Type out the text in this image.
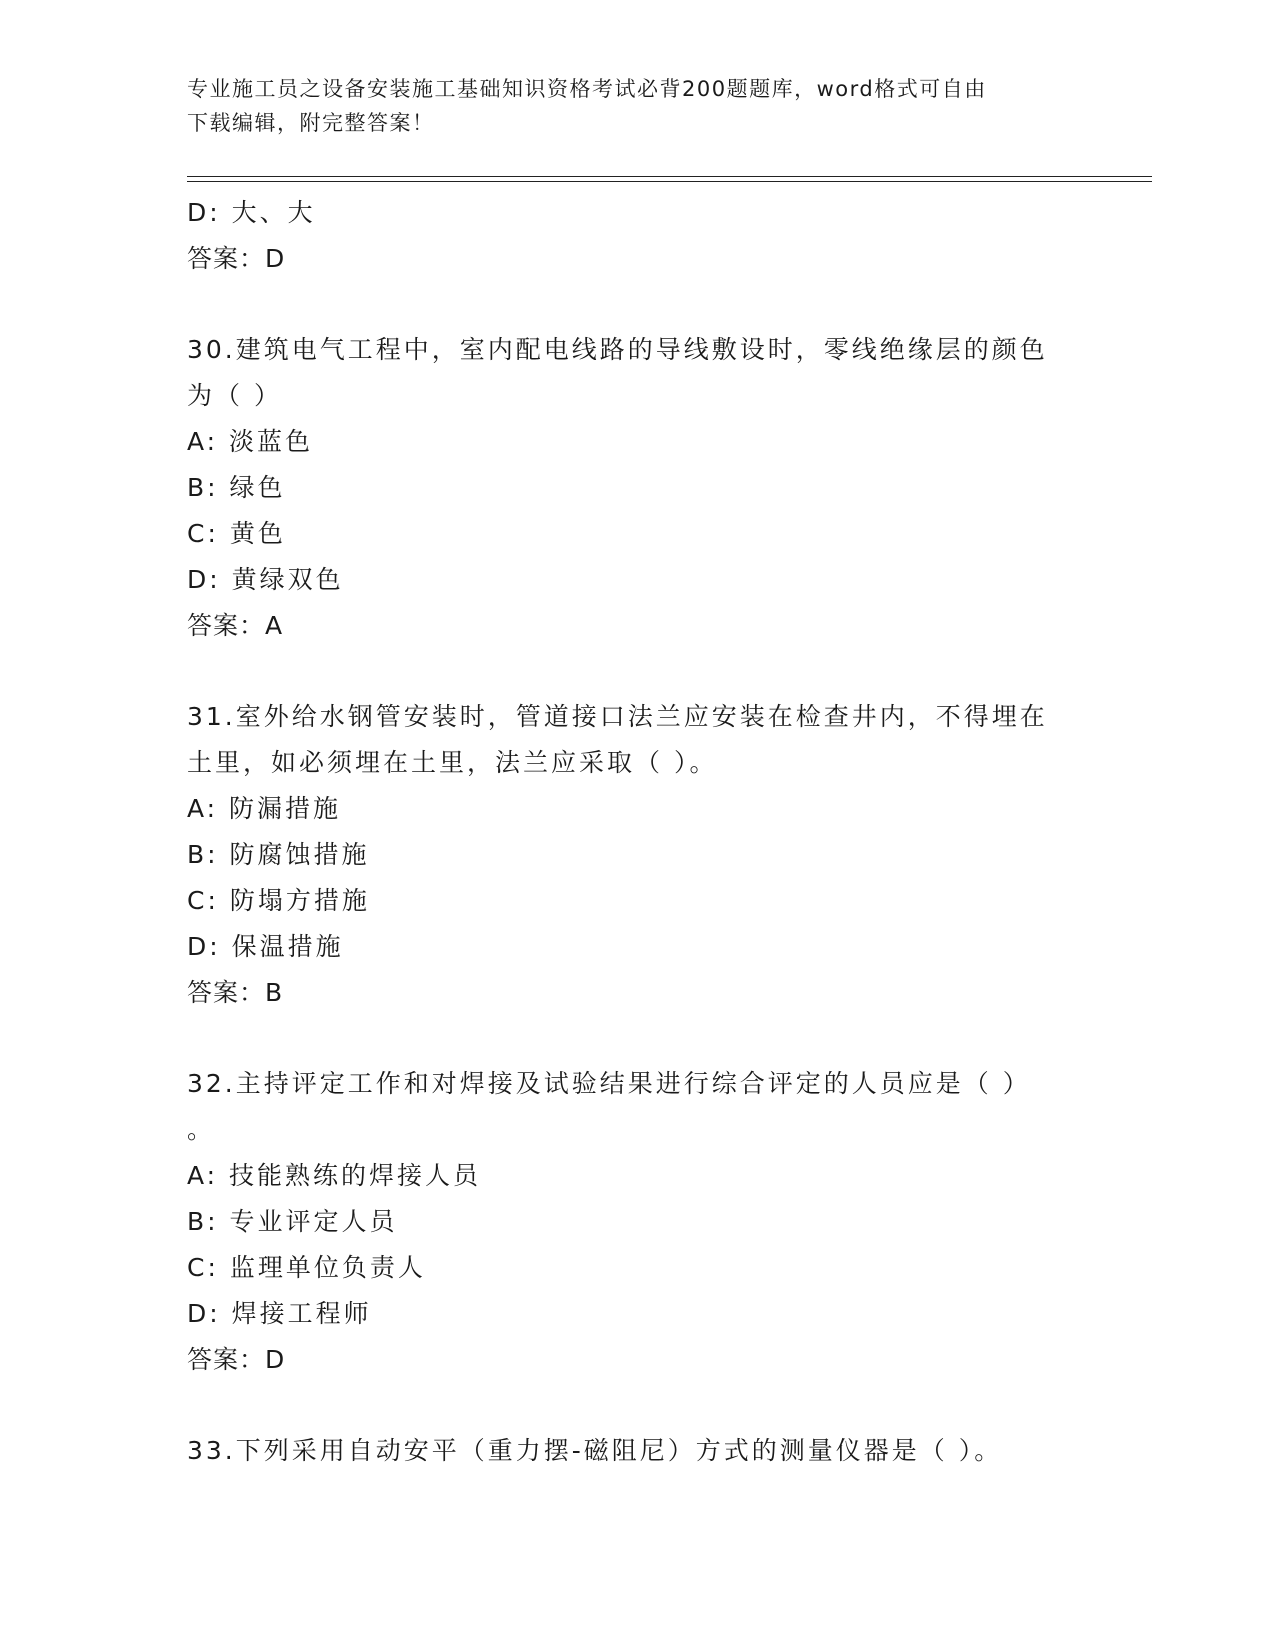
专业施工员之设备安装施工基础知识资格考试必背200题题库，word格式可自由
下载编辑，附完整答案！
D: 大、大
答案：D
30.建筑电气工程中，室内配电线路的导线敷设时，零线绝缘层的颜色
为（ ）
A: 淡蓝色
B: 绿色
C: 黄色
D: 黄绿双色
答案：A
31.室外给水钢管安装时，管道接口法兰应安装在检查井内，不得埋在
土里，如必须埋在土里，法兰应采取（ ）。
A: 防漏措施
B: 防腐蚀措施
C: 防塌方措施
D: 保温措施
答案：B
32.主持评定工作和对焊接及试验结果进行综合评定的人员应是（ ）
。
A: 技能熟练的焊接人员
B: 专业评定人员
C: 监理单位负责人
D: 焊接工程师
答案：D
33.下列采用自动安平（重力摆-磁阻尼）方式的测量仪器是（ ）。
